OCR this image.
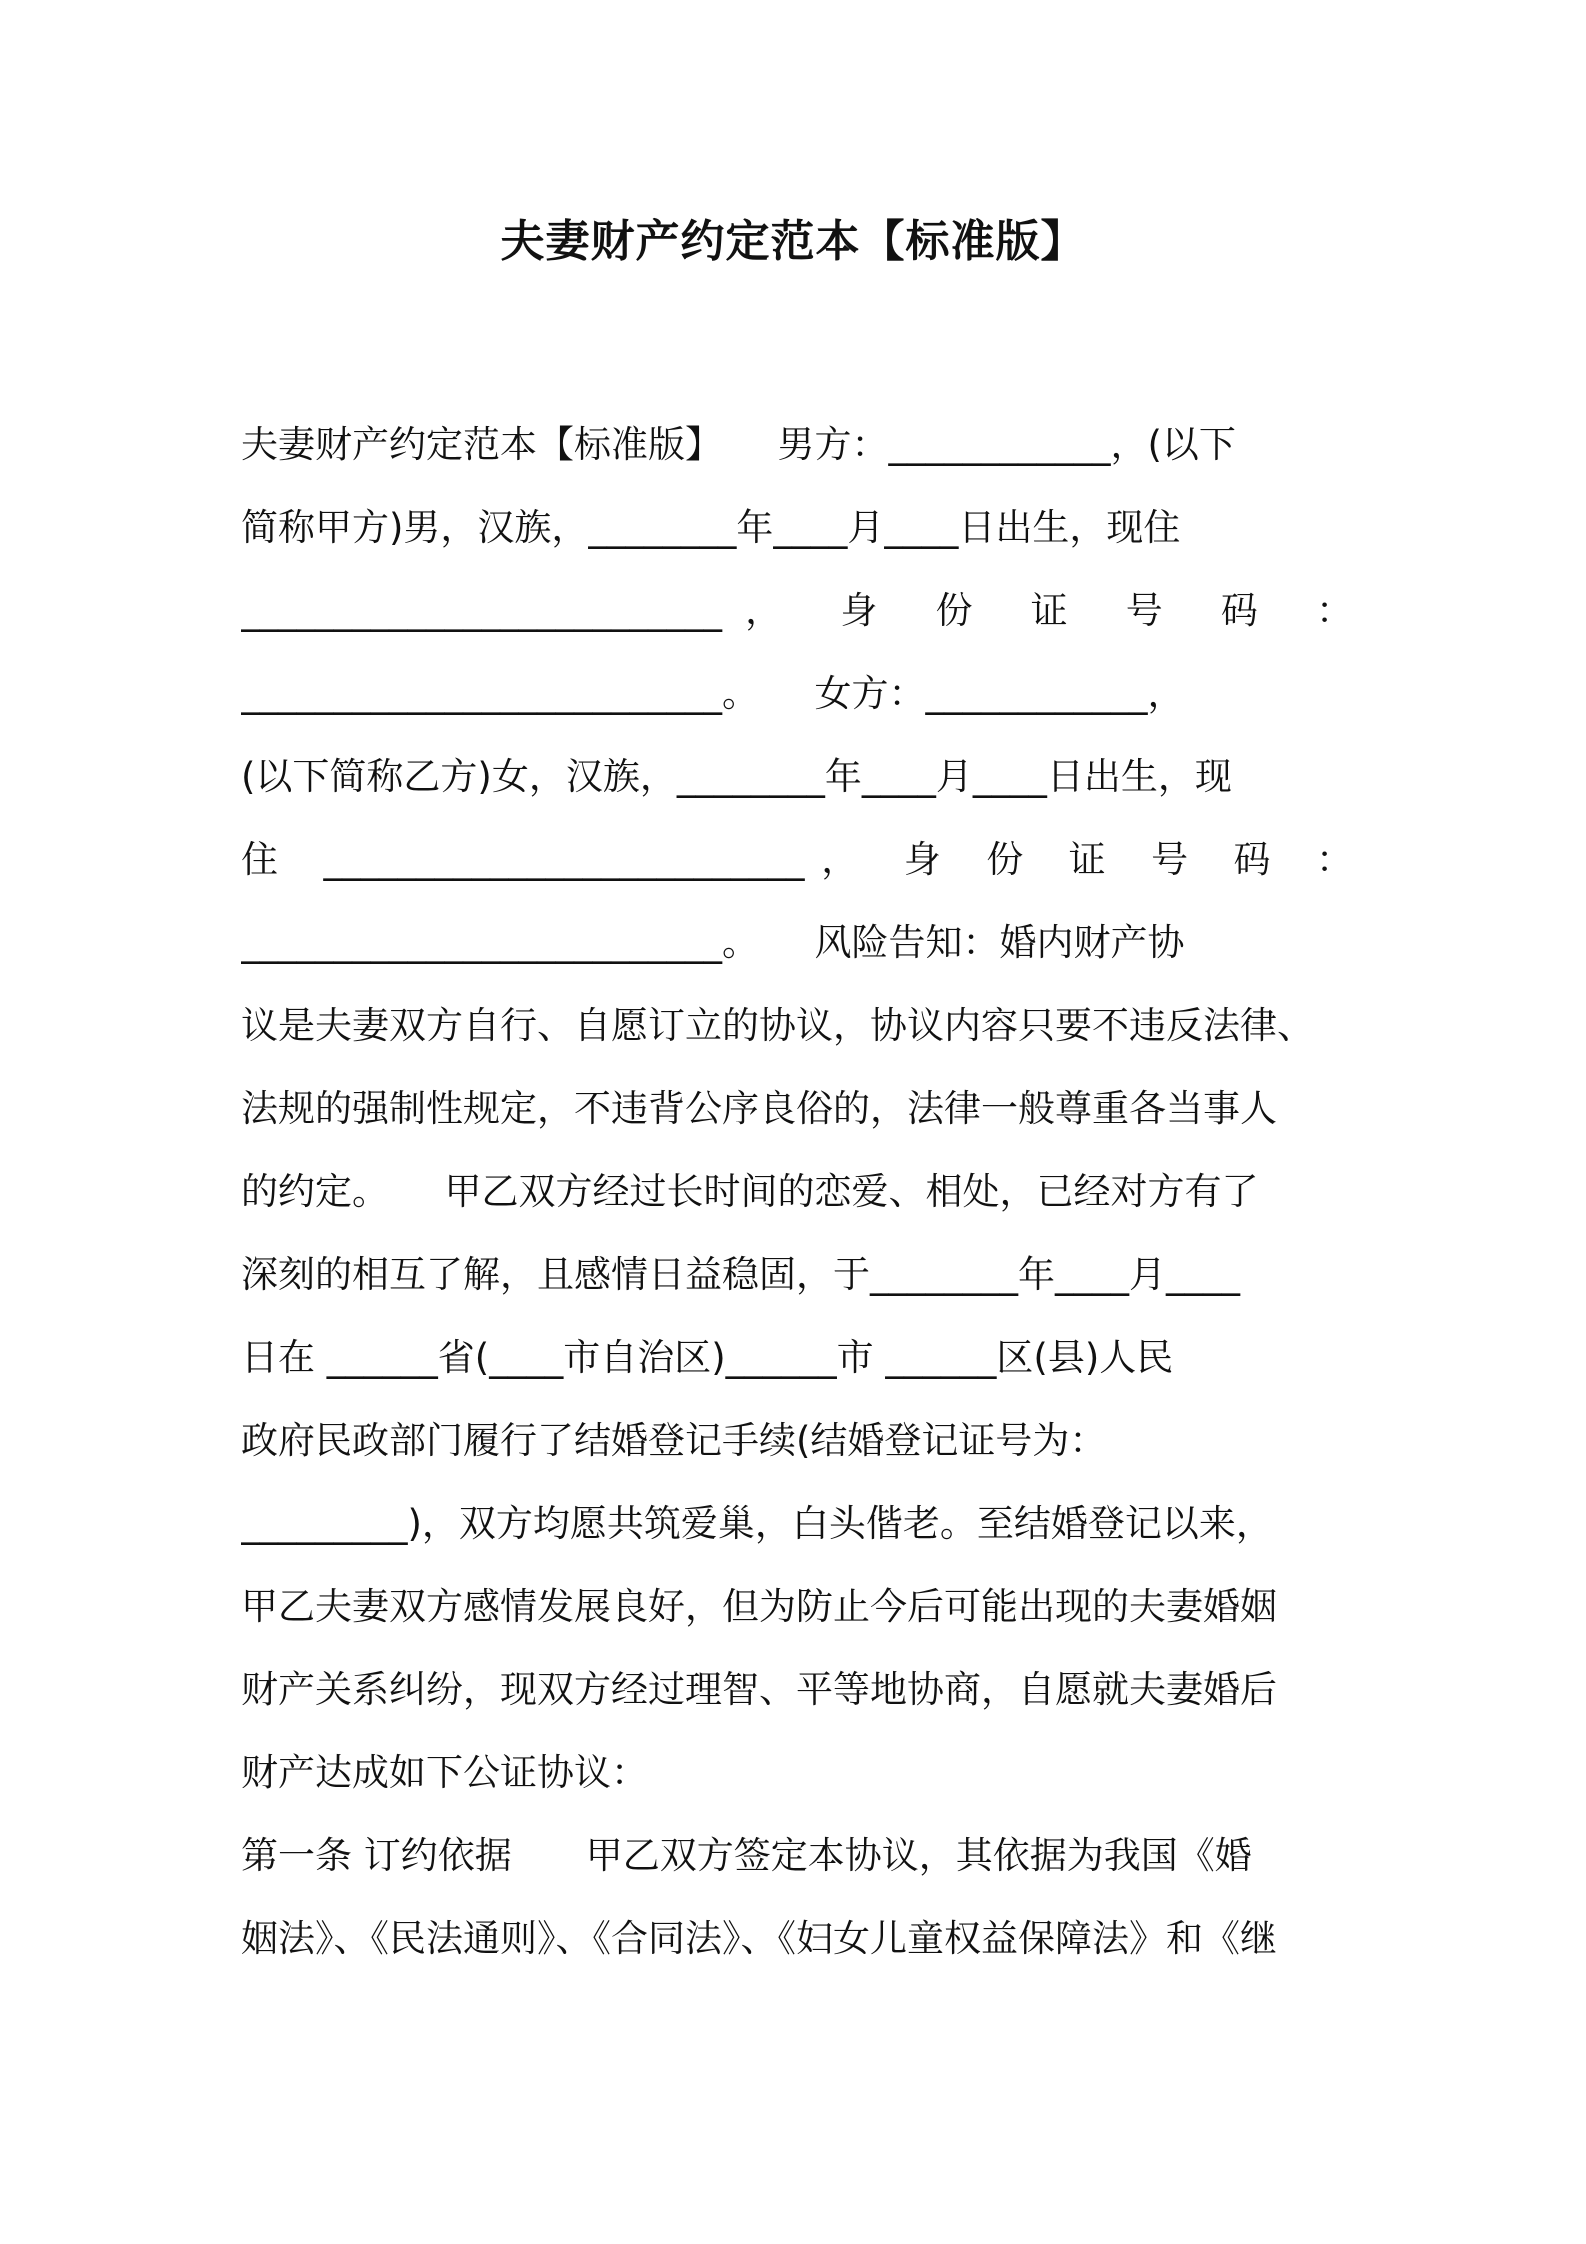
夫妻财产约定范本【标准版】
夫妻财产约定范本【标准版】　　男方：____________，(以下
简称甲方)男，汉族，________年____月____日出生，现住
__________________________， 身 份 证 号 码 ：
__________________________。　　女方：____________，
(以下简称乙方)女，汉族，________年____月____日出生，现
住 __________________________， 身 份 证 号 码 ：
__________________________。　　风险告知：婚内财产协
议是夫妻双方自行、自愿订立的协议，协议内容只要不违反法律、
法规的强制性规定，不违背公序良俗的，法律一般尊重各当事人
的约定。　　甲乙双方经过长时间的恋爱、相处，已经对方有了
深刻的相互了解，且感情日益稳固，于________年____月____
日在 ______省(____市自治区)______市 ______区(县)人民
政府民政部门履行了结婚登记手续(结婚登记证号为：
_________)，双方均愿共筑爱巢，白头偕老。至结婚登记以来，
甲乙夫妻双方感情发展良好，但为防止今后可能出现的夫妻婚姻
财产关系纠纷，现双方经过理智、平等地协商，自愿就夫妻婚后
财产达成如下公证协议：
第一条 订约依据　　甲乙双方签定本协议，其依据为我国《婚
姻法》、《民法通则》、《合同法》、《妇女儿童权益保障法》和《继
